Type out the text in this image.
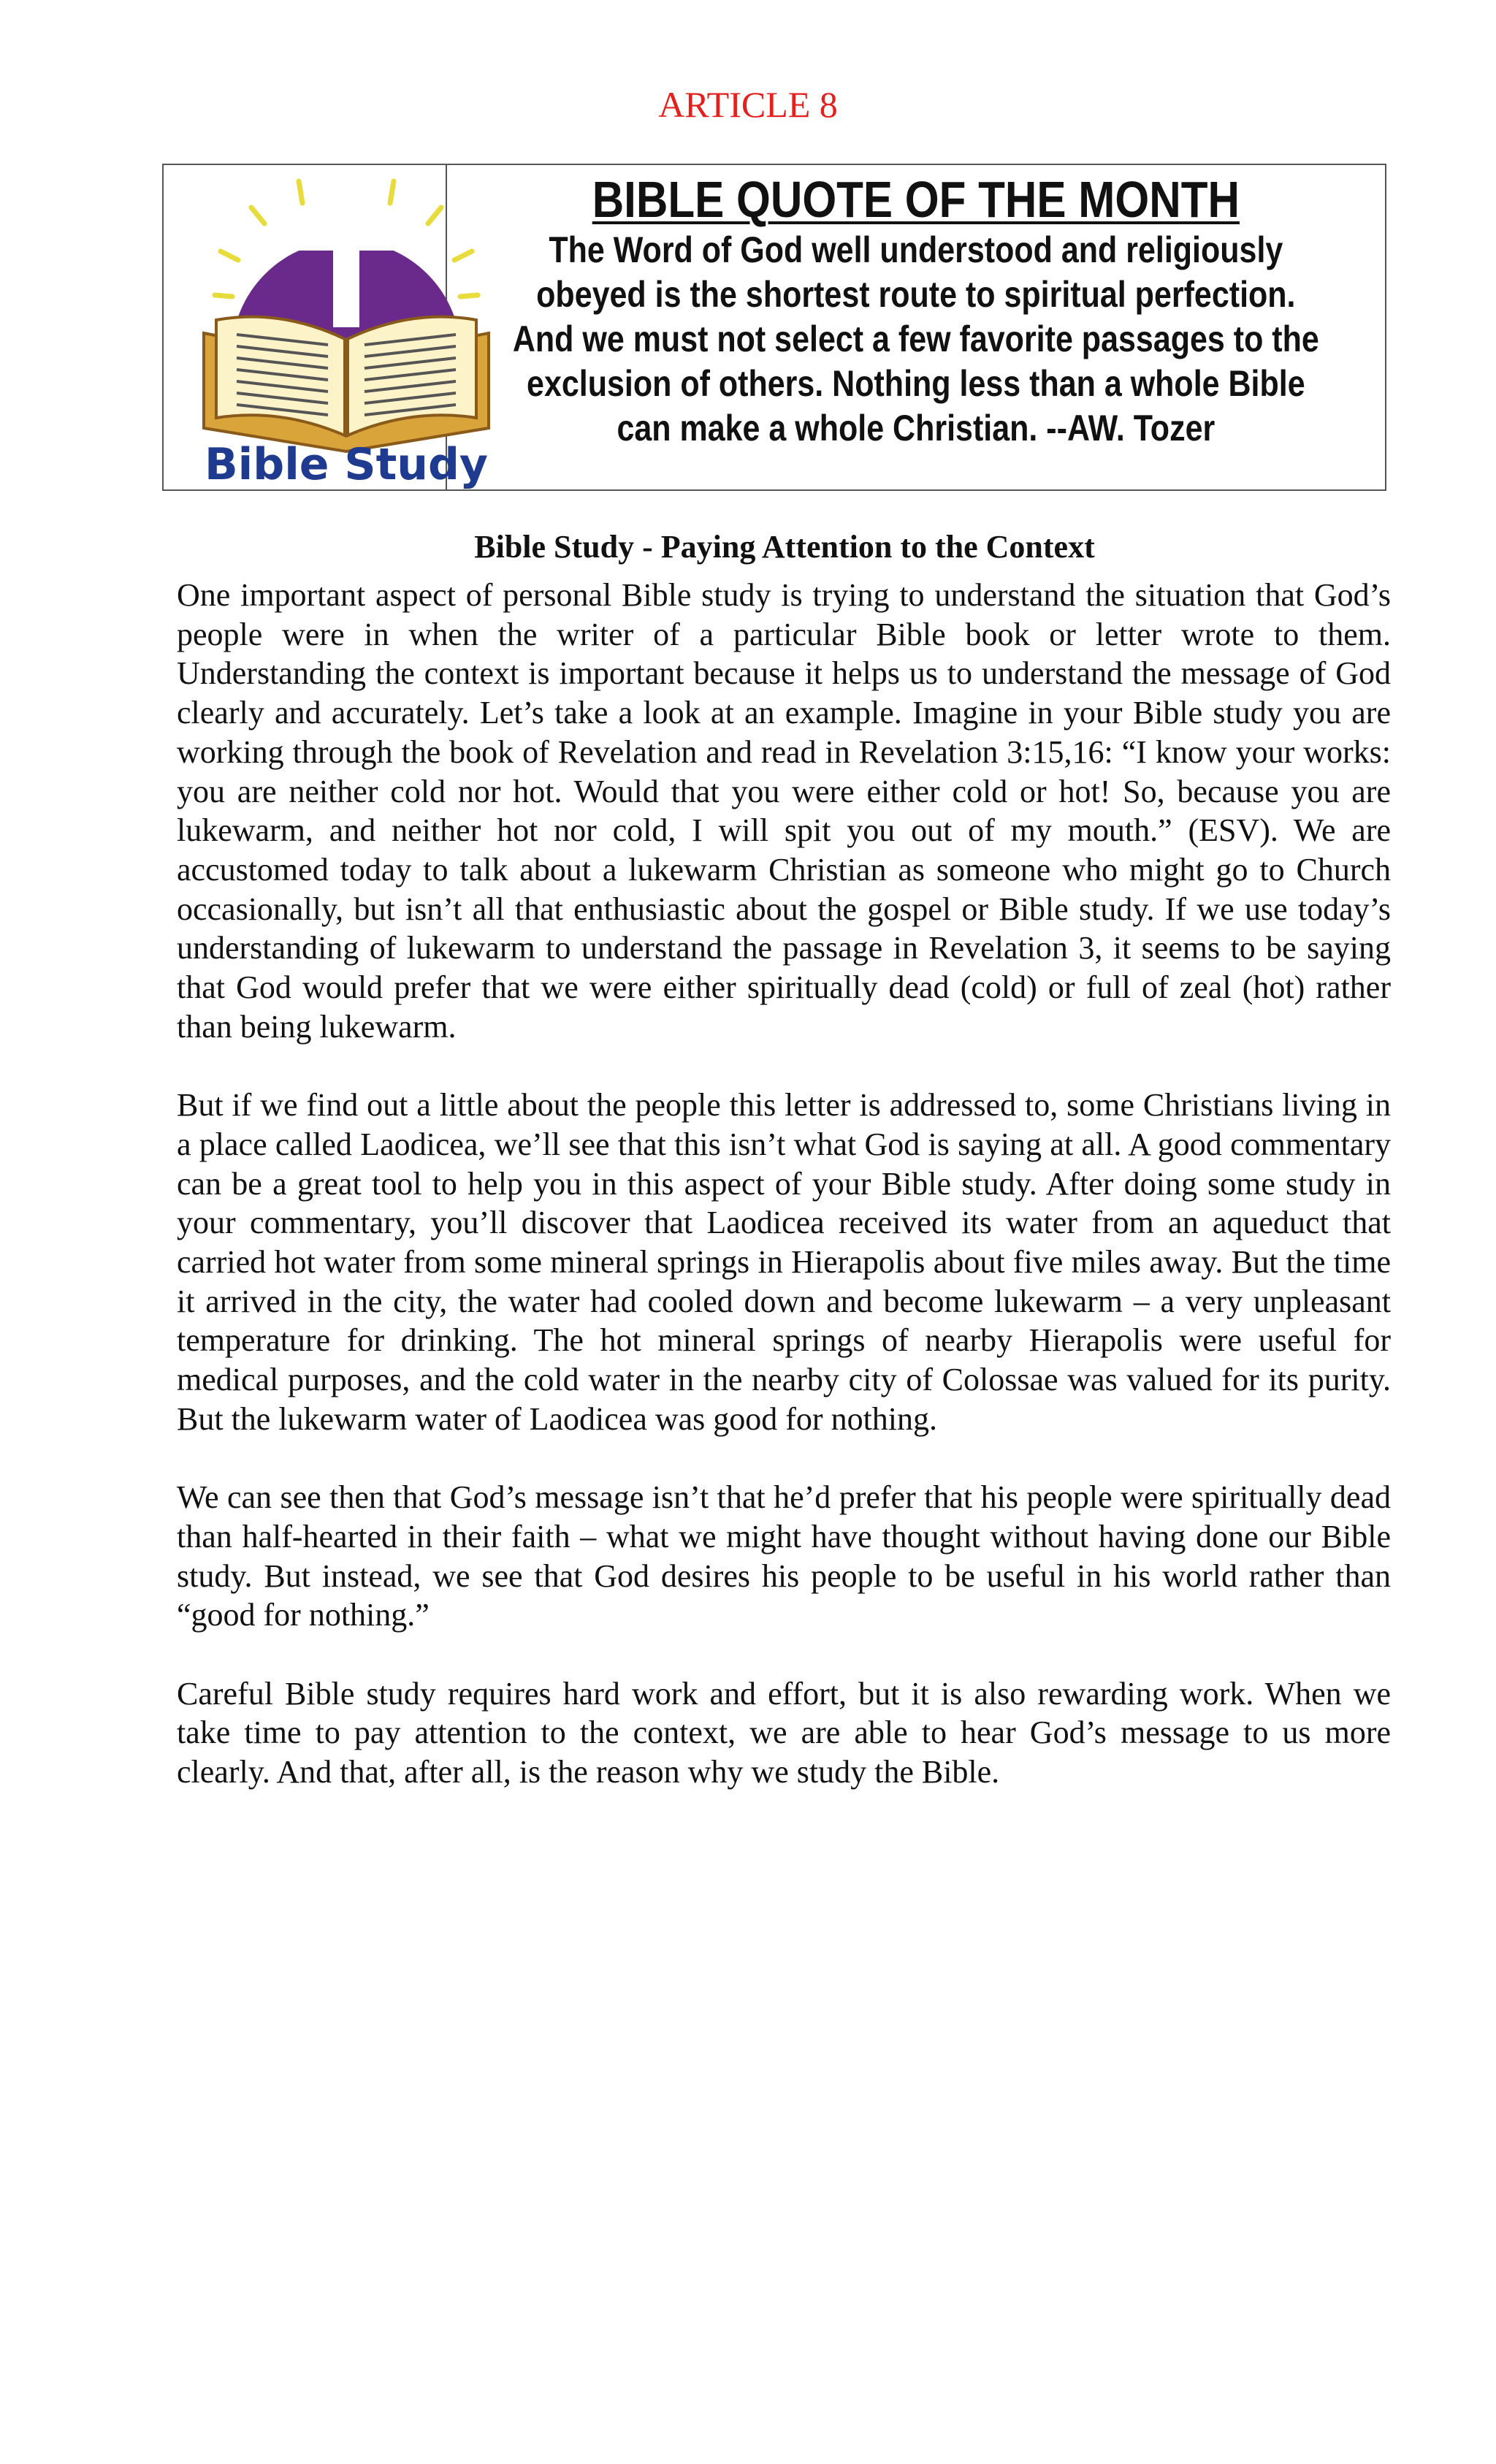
ARTICLE 8
Bible Study
BIBLE QUOTE OF THE MONTH
The Word of God well understood and religiously
obeyed is the shortest route to spiritual perfection.
And we must not select a few favorite passages to the
exclusion of others. Nothing less than a whole Bible
can make a whole Christian. --AW. Tozer
Bible Study - Paying Attention to the Context

One important aspect of personal Bible study is trying to understand the situation that God’s people were in when the writer of a particular Bible book or letter wrote to them. Understanding the context is important because it helps us to understand the message of God clearly and accurately. Let’s take a look at an example. Imagine in your Bible study you are working through the book of Revelation and read in Revelation 3:15,16: “I know your works: you are neither cold nor hot. Would that you were either cold or hot! So, because you are lukewarm, and neither hot nor cold, I will spit you out of my mouth.” (ESV). We are accustomed today to talk about a lukewarm Christian as someone who might go to Church occasionally, but isn’t all that enthusiastic about the gospel or Bible study. If we use today’s understanding of lukewarm to understand the passage in Revelation 3, it seems to be saying that God would prefer that we were either spiritually dead (cold) or full of zeal (hot) rather than being lukewarm.

But if we find out a little about the people this letter is addressed to, some Christians living in a place called Laodicea, we’ll see that this isn’t what God is saying at all. A good commentary can be a great tool to help you in this aspect of your Bible study. After doing some study in your commentary, you’ll discover that Laodicea received its water from an aqueduct that carried hot water from some mineral springs in Hierapolis about five miles away. But the time it arrived in the city, the water had cooled down and become lukewarm – a very unpleasant temperature for drinking. The hot mineral springs of nearby Hierapolis were useful for medical purposes, and the cold water in the nearby city of Colossae was valued for its purity. But the lukewarm water of Laodicea was good for nothing.

We can see then that God’s message isn’t that he’d prefer that his people were spiritually dead than half-hearted in their faith – what we might have thought without having done our Bible study. But instead, we see that God desires his people to be useful in his world rather than “good for nothing.”

Careful Bible study requires hard work and effort, but it is also rewarding work. When we take time to pay attention to the context, we are able to hear God’s message to us more clearly. And that, after all, is the reason why we study the Bible.
